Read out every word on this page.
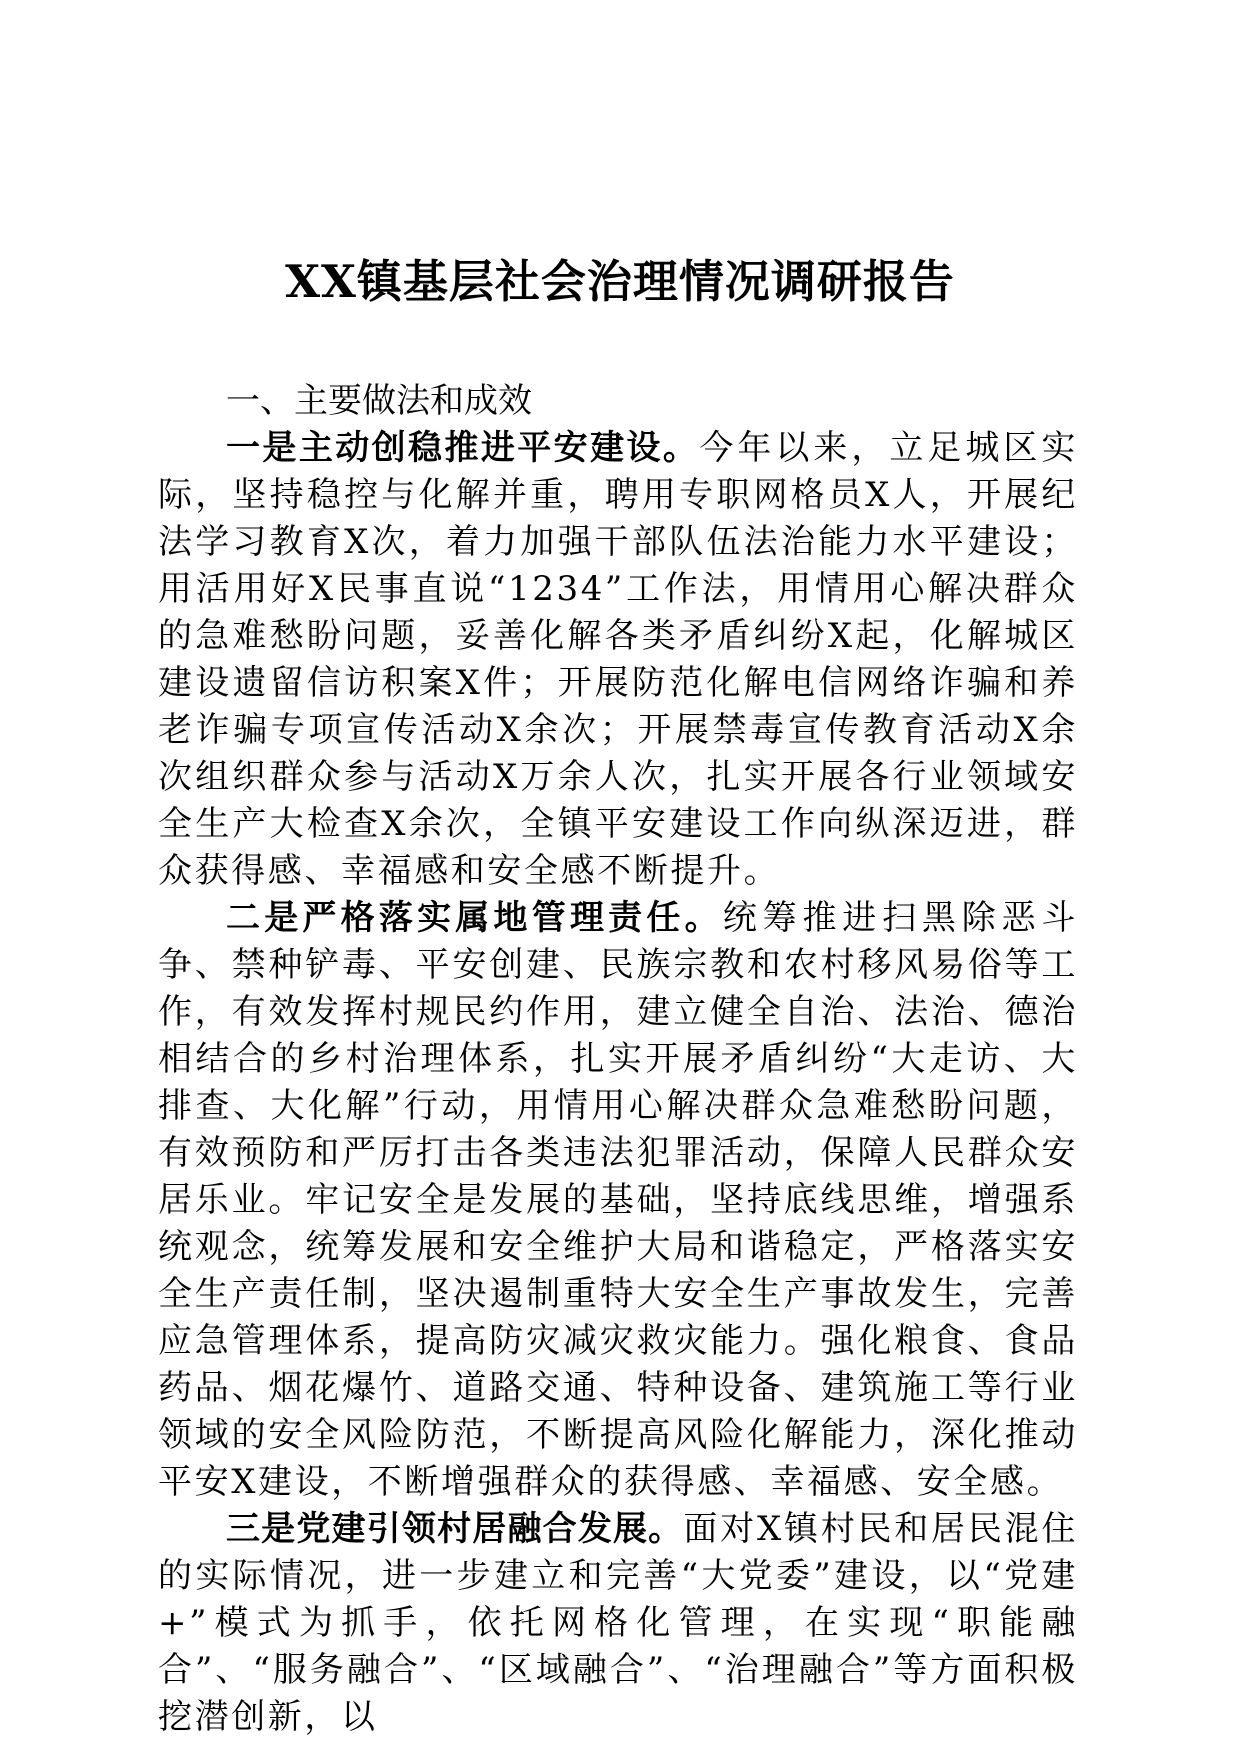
XX镇基层社会治理情况调研报告
一、主要做法和成效

一是主动创稳推进平安建设。今年以来，立足城区实际，坚持稳控与化解并重，聘用专职网格员X人，开展纪法学习教育X次，着力加强干部队伍法治能力水平建设；用活用好X民事直说“1234”工作法，用情用心解决群众的急难愁盼问题，妥善化解各类矛盾纠纷X起，化解城区建设遗留信访积案X件；开展防范化解电信网络诈骗和养老诈骗专项宣传活动X余次；开展禁毒宣传教育活动X余次组织群众参与活动X万余人次，扎实开展各行业领域安全生产大检查X余次，全镇平安建设工作向纵深迈进，群众获得感、幸福感和安全感不断提升。

二是严格落实属地管理责任。统筹推进扫黑除恶斗争、禁种铲毒、平安创建、民族宗教和农村移风易俗等工作，有效发挥村规民约作用，建立健全自治、法治、德治相结合的乡村治理体系，扎实开展矛盾纠纷“大走访、大排查、大化解”行动，用情用心解决群众急难愁盼问题，有效预防和严厉打击各类违法犯罪活动，保障人民群众安居乐业。牢记安全是发展的基础，坚持底线思维，增强系统观念，统筹发展和安全维护大局和谐稳定，严格落实安全生产责任制，坚决遏制重特大安全生产事故发生，完善应急管理体系，提高防灾减灾救灾能力。强化粮食、食品药品、烟花爆竹、道路交通、特种设备、建筑施工等行业领域的安全风险防范，不断提高风险化解能力，深化推动平安X建设，不断增强群众的获得感、幸福感、安全感。

三是党建引领村居融合发展。面对X镇村民和居民混住的实际情况，进一步建立和完善“大党委”建设，以“党建+”模式为抓手，依托网格化管理，在实现“职能融合”、“服务融合”、“区域融合”、“治理融合”等方面积极挖潜创新，以
